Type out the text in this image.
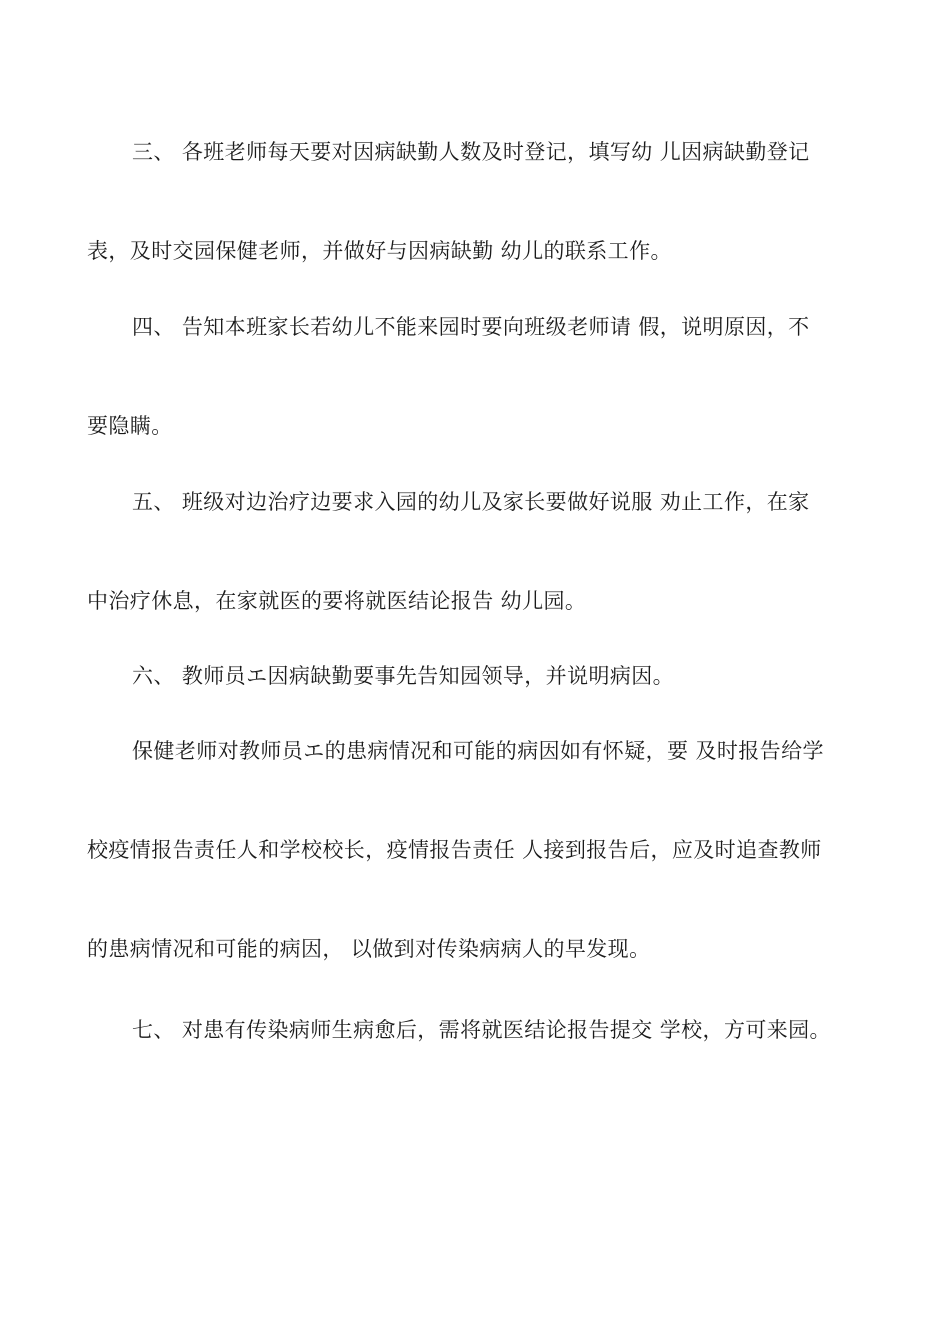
三、 各班老师每天要对因病缺勤人数及时登记，填写幼 儿因病缺勤登记
表，及时交园保健老师，并做好与因病缺勤 幼儿的联系工作。
四、 告知本班家长若幼儿不能来园时要向班级老师请 假，说明原因，不
要隐瞒。
五、 班级对边治疗边要求入园的幼儿及家长要做好说服 劝止工作，在家
中治疗休息，在家就医的要将就医结论报告 幼儿园。
六、 教师员エ因病缺勤要事先告知园领导，并说明病因。
保健老师对教师员エ的患病情况和可能的病因如有怀疑，要 及时报告给学
校疫情报告责任人和学校校长，疫情报告责任 人接到报告后，应及时追查教师
的患病情况和可能的病因， 以做到对传染病病人的早发现。
七、 对患有传染病师生病愈后，需将就医结论报告提交 学校，方可来园。
